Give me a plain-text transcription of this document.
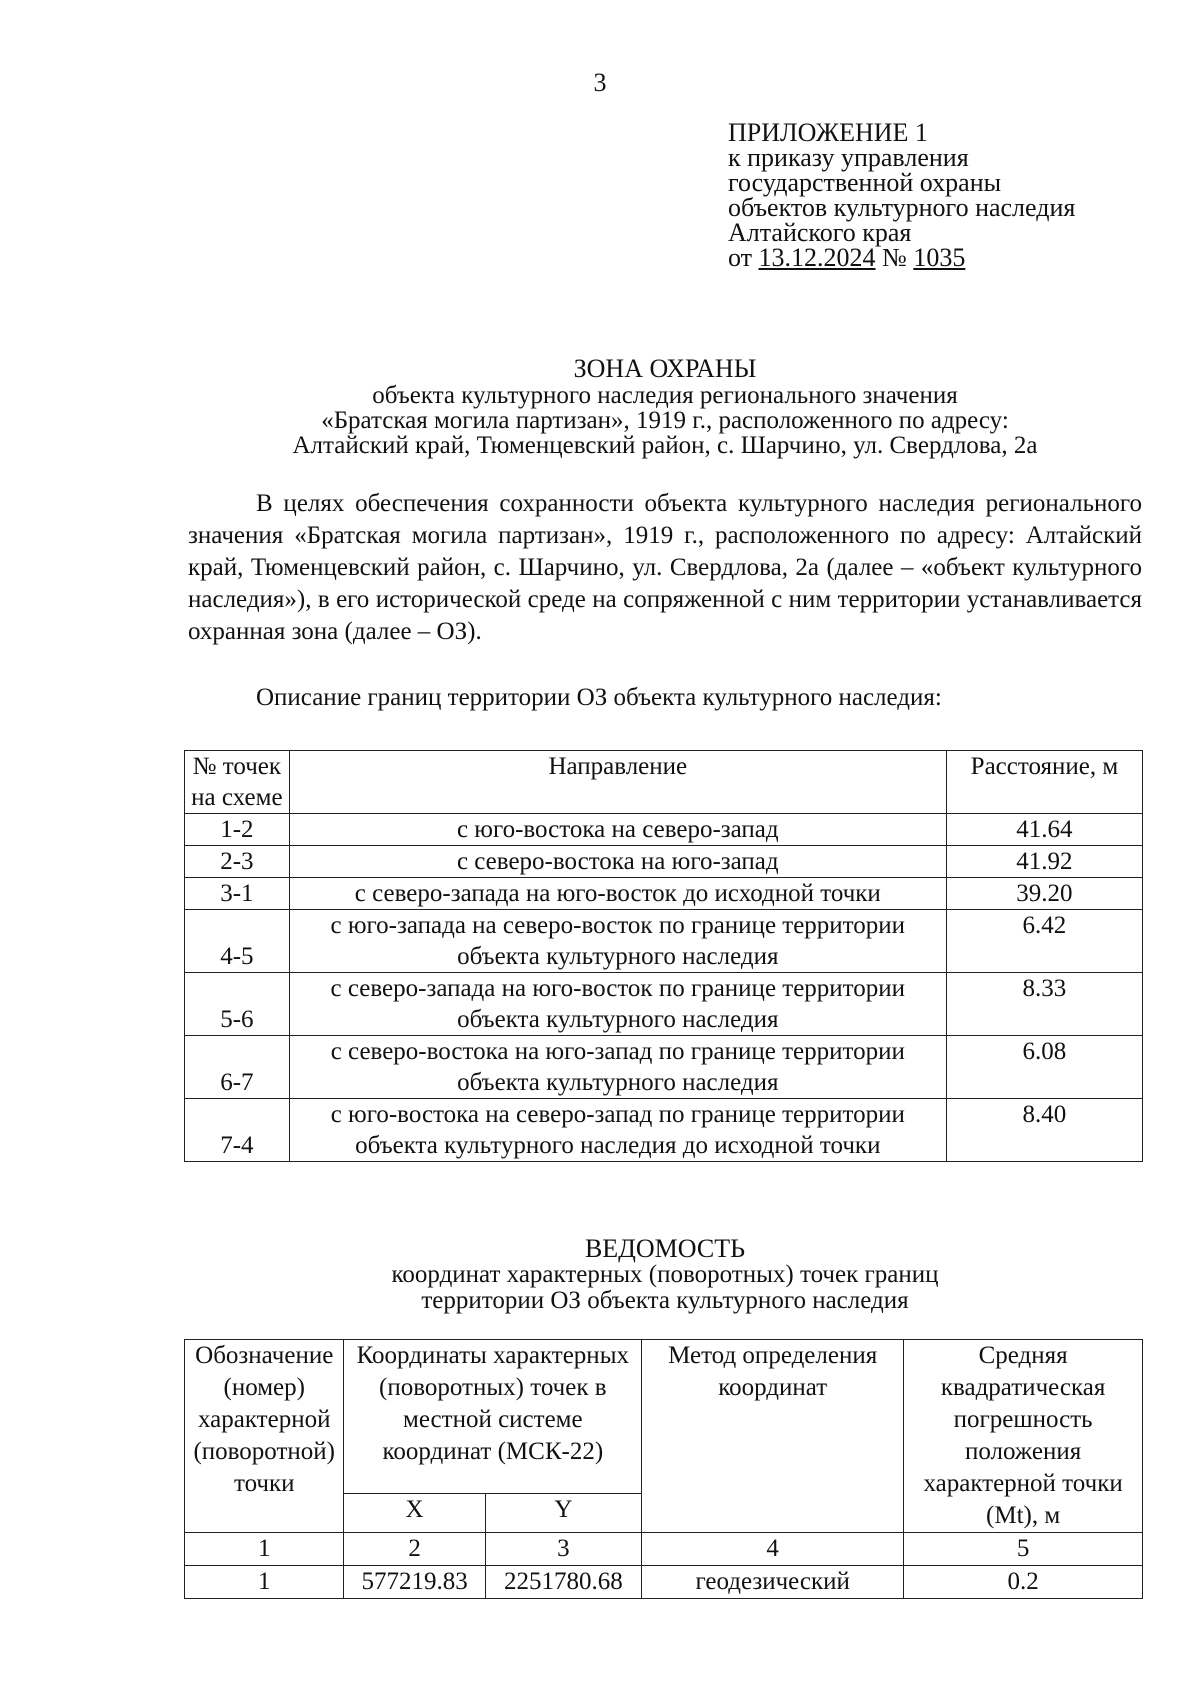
3
ПРИЛОЖЕНИЕ 1
к приказу управления
государственной охраны
объектов культурного наследия
Алтайского края
от 13.12.2024 № 1035
ЗОНА ОХРАНЫ
объекта культурного наследия регионального значения
«Братская могила партизан», 1919 г., расположенного по адресу:
Алтайский край, Тюменцевский район, с. Шарчино, ул. Свердлова, 2а
В целях обеспечения сохранности объекта культурного наследия регионального значения «Братская могила партизан», 1919 г., расположенного по адресу: Алтайский край, Тюменцевский район, с. Шарчино, ул. Свердлова, 2а (далее – «объект культурного наследия»), в его исторической среде на сопряженной с ним территории устанавливается охранная зона (далее – ОЗ).
Описание границ территории ОЗ объекта культурного наследия:
№ точек на схеме	Направление	Расстояние, м
1-2	с юго-востока на северо-запад	41.64
2-3	с северо-востока на юго-запад	41.92
3-1	с северо-запада на юго-восток до исходной точки	39.20
4-5	с юго-запада на северо-восток по границе территории объекта культурного наследия	6.42
5-6	с северо-запада на юго-восток по границе территории объекта культурного наследия	8.33
6-7	с северо-востока на юго-запад по границе территории объекта культурного наследия	6.08
7-4	с юго-востока на северо-запад по границе территории объекта культурного наследия до исходной точки	8.40
ВЕДОМОСТЬ
координат характерных (поворотных) точек границ
территории ОЗ объекта культурного наследия
Обозначение (номер) характерной (поворотной) точки	Координаты характерных (поворотных) точек в местной системе координат (МСК-22)		Метод определения координат	Средняя квадратическая погрешность положения характерной точки (Mt), м
	X	Y		
1	2	3	4	5
1	577219.83	2251780.68	геодезический	0.2
